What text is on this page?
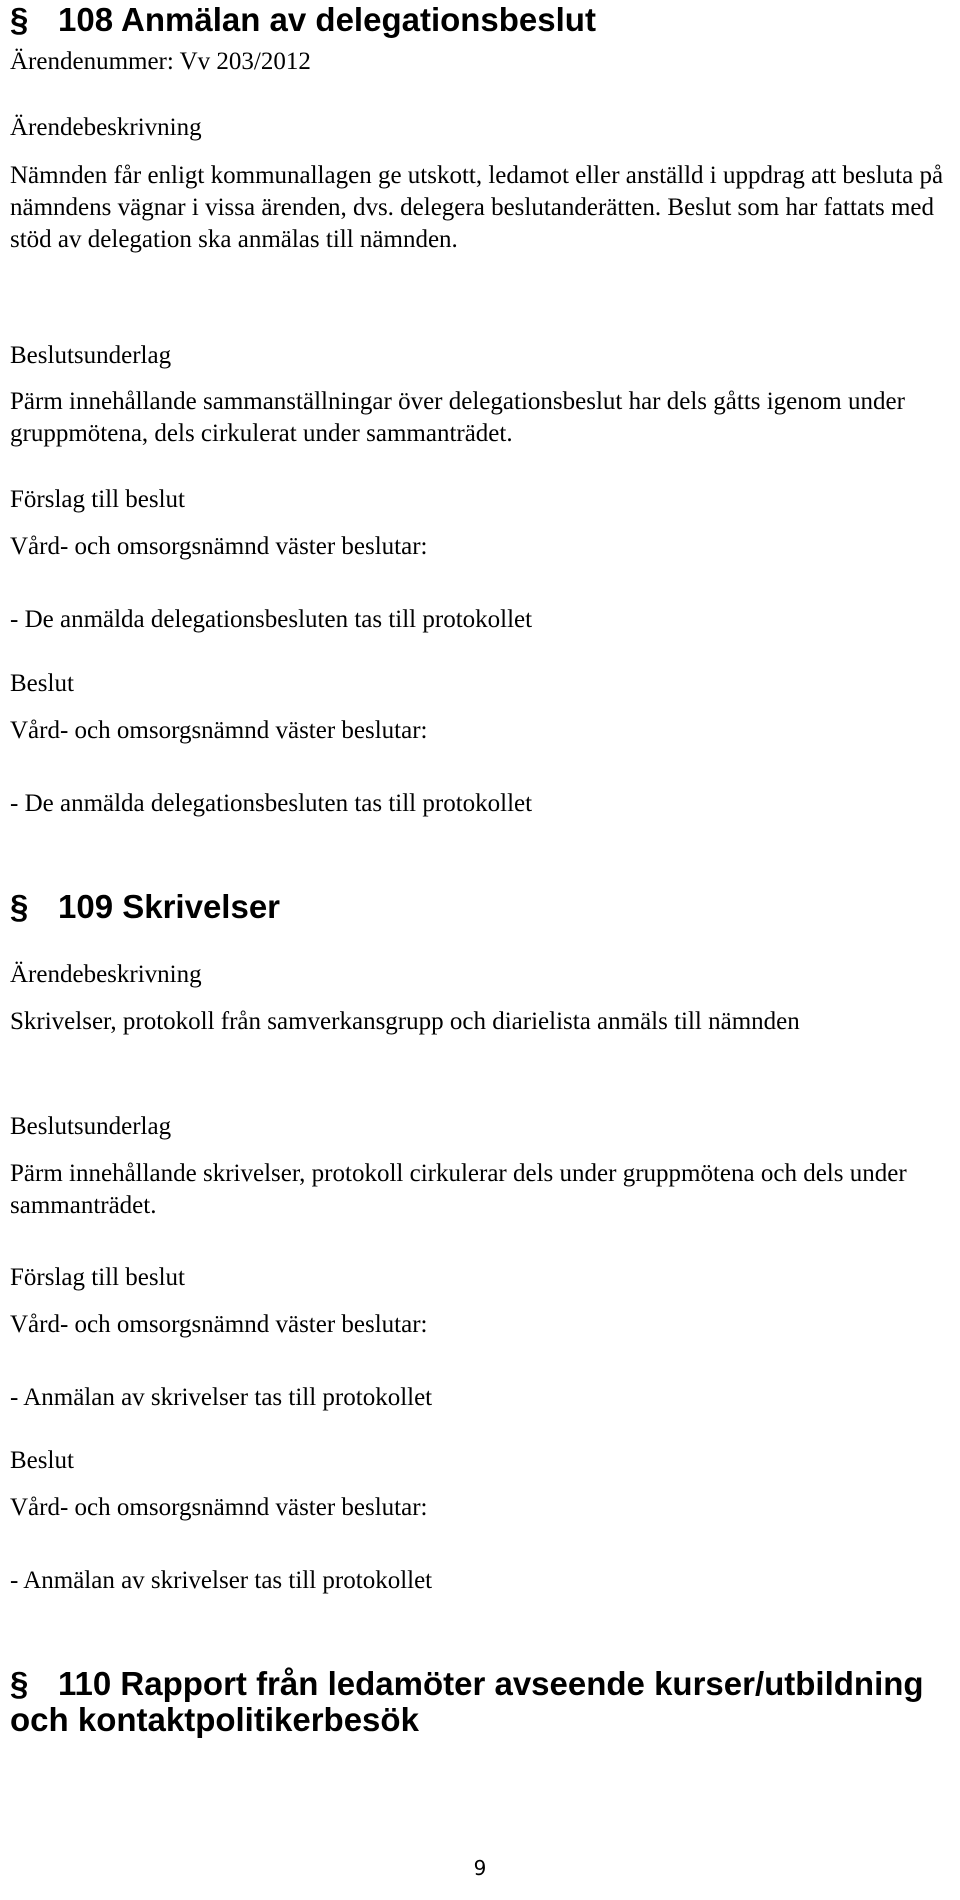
§ 108 Anmälan av delegationsbeslut

Ärendenummer: Vv 203/2012

Ärendebeskrivning

Nämnden får enligt kommunallagen ge utskott, ledamot eller anställd i uppdrag att besluta på nämndens vägnar i vissa ärenden, dvs. delegera beslutanderätten. Beslut som har fattats med stöd av delegation ska anmälas till nämnden.

Beslutsunderlag

Pärm innehållande sammanställningar över delegationsbeslut har dels gåtts igenom under gruppmötena, dels cirkulerat under sammanträdet.

Förslag till beslut

Vård- och omsorgsnämnd väster beslutar:

- De anmälda delegationsbesluten tas till protokollet

Beslut

Vård- och omsorgsnämnd väster beslutar:

- De anmälda delegationsbesluten tas till protokollet

§ 109 Skrivelser

Ärendebeskrivning

Skrivelser, protokoll från samverkansgrupp och diarielista anmäls till nämnden

Beslutsunderlag

Pärm innehållande skrivelser, protokoll cirkulerar dels under gruppmötena och dels under sammanträdet.

Förslag till beslut

Vård- och omsorgsnämnd väster beslutar:

- Anmälan av skrivelser tas till protokollet

Beslut

Vård- och omsorgsnämnd väster beslutar:

- Anmälan av skrivelser tas till protokollet

§ 110 Rapport från ledamöter avseende kurser/utbildning och kontaktpolitikerbesök
9
